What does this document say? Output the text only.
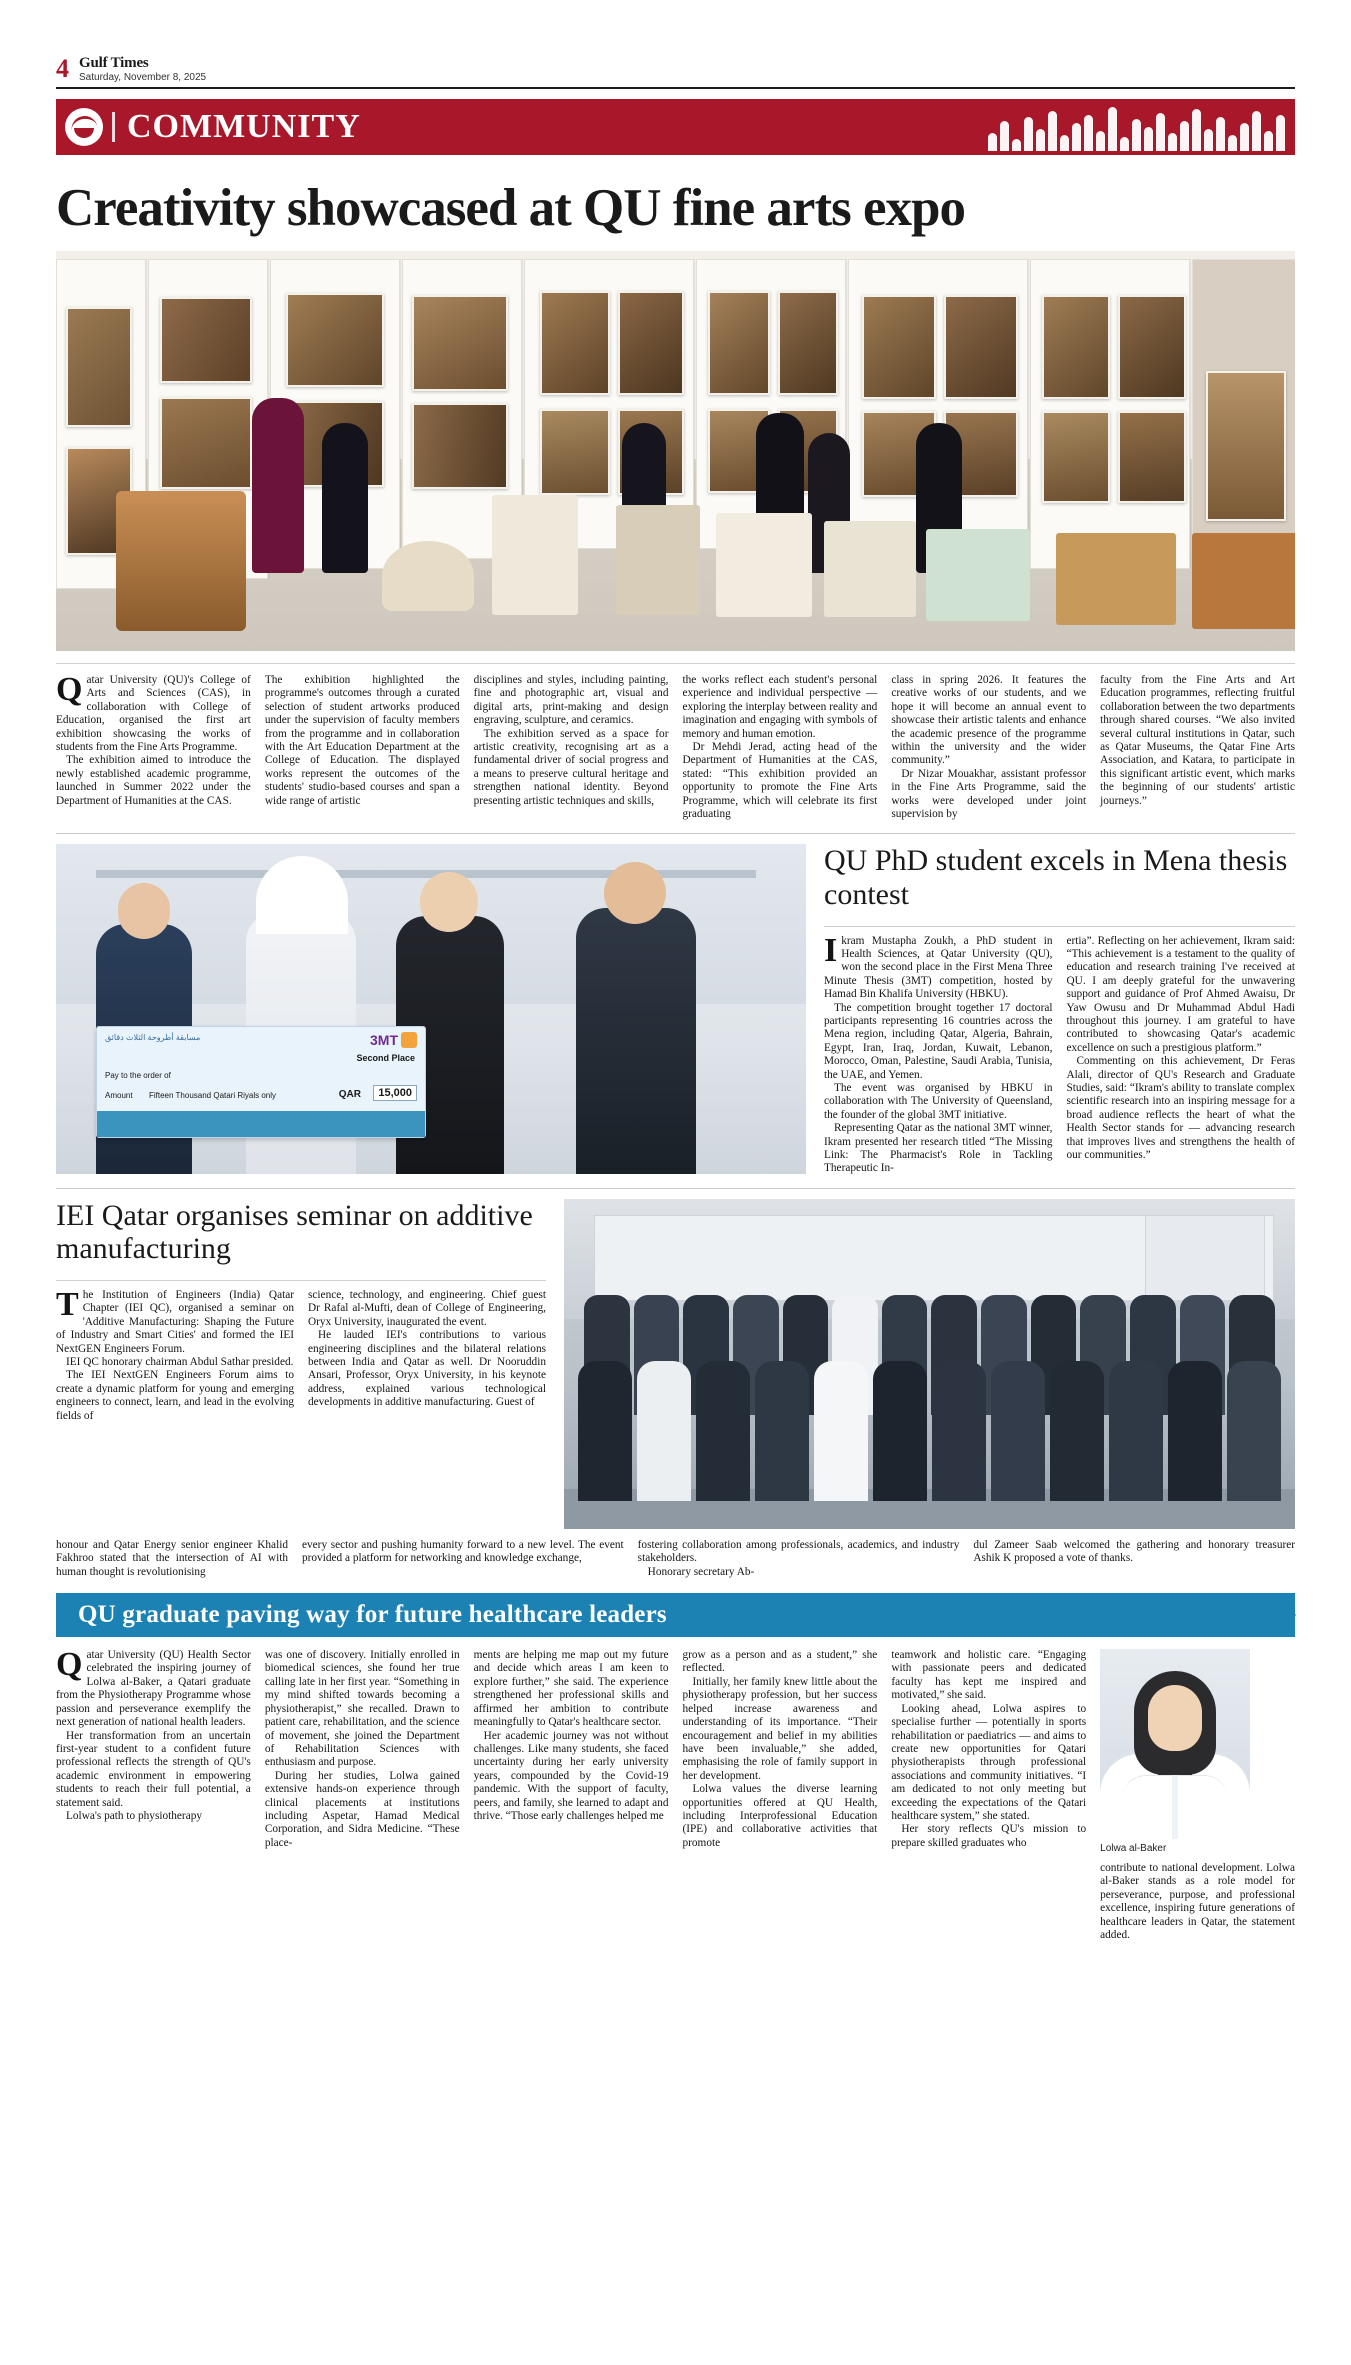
4 Gulf Times
Saturday, November 8, 2025
COMMUNITY
Creativity showcased at QU fine arts expo

Qatar University (QU)'s College of Arts and Sciences (CAS), in collaboration with College of Education, organised the first art exhibition showcasing the works of students from the Fine Arts Programme.

The exhibition aimed to introduce the newly established academic programme, launched in Summer 2022 under the Department of Humanities at the CAS.

The exhibition highlighted the programme's outcomes through a curated selection of student artworks produced under the supervision of faculty members from the programme and in collaboration with the Art Education Department at the College of Education. The displayed works represent the outcomes of the students' studio-based courses and span a wide range of artistic

disciplines and styles, including painting, fine and photographic art, visual and digital arts, print-making and design engraving, sculpture, and ceramics.

The exhibition served as a space for artistic creativity, recognising art as a fundamental driver of social progress and a means to preserve cultural heritage and strengthen national identity. Beyond presenting artistic techniques and skills,

the works reflect each student's personal experience and individual perspective — exploring the interplay between reality and imagination and engaging with symbols of memory and human emotion.

Dr Mehdi Jerad, acting head of the Department of Humanities at the CAS, stated: “This exhibition provided an opportunity to promote the Fine Arts Programme, which will celebrate its first graduating

class in spring 2026. It features the creative works of our students, and we hope it will become an annual event to showcase their artistic talents and enhance the academic presence of the programme within the university and the wider community.”

Dr Nizar Mouakhar, assistant professor in the Fine Arts Programme, said the works were developed under joint supervision by

faculty from the Fine Arts and Art Education programmes, reflecting fruitful collaboration between the two departments through shared courses. “We also invited several cultural institutions in Qatar, such as Qatar Museums, the Qatar Fine Arts Association, and Katara, to participate in this significant artistic event, which marks the beginning of our students' artistic journeys.”

مسابقة أطروحة الثلاث دقائق	3MT
Second Place
Pay to the order of
Amount Fifteen Thousand Qatari Riyals only	QAR	15,000
QU PhD student excels in Mena thesis contest

Ikram Mustapha Zoukh, a PhD student in Health Sciences, at Qatar University (QU), won the second place in the First Mena Three Minute Thesis (3MT) competition, hosted by Hamad Bin Khalifa University (HBKU).

The competition brought together 17 doctoral participants representing 16 countries across the Mena region, including Qatar, Algeria, Bahrain, Egypt, Iran, Iraq, Jordan, Kuwait, Lebanon, Morocco, Oman, Palestine, Saudi Arabia, Tunisia, the UAE, and Yemen.

The event was organised by HBKU in collaboration with The University of Queensland, the founder of the global 3MT initiative.

Representing Qatar as the national 3MT winner, Ikram presented her research titled “The Missing Link: The Pharmacist's Role in Tackling Therapeutic In-

ertia”. Reflecting on her achievement, Ikram said: “This achievement is a testament to the quality of education and research training I've received at QU. I am deeply grateful for the unwavering support and guidance of Prof Ahmed Awaisu, Dr Yaw Owusu and Dr Muhammad Abdul Hadi throughout this journey. I am grateful to have contributed to showcasing Qatar's academic excellence on such a prestigious platform.”

Commenting on this achievement, Dr Feras Alali, director of QU's Research and Graduate Studies, said: “Ikram's ability to translate complex scientific research into an inspiring message for a broad audience reflects the heart of what the Health Sector stands for — advancing research that improves lives and strengthens the health of our communities.”

IEI Qatar organises seminar on additive manufacturing

The Institution of Engineers (India) Qatar Chapter (IEI QC), organised a seminar on 'Additive Manufacturing: Shaping the Future of Industry and Smart Cities' and formed the IEI NextGEN Engineers Forum.

IEI QC honorary chairman Abdul Sathar presided.

The IEI NextGEN Engineers Forum aims to create a dynamic platform for young and emerging engineers to connect, learn, and lead in the evolving fields of

science, technology, and engineering. Chief guest Dr Rafal al-Mufti, dean of College of Engineering, Oryx University, inaugurated the event.

He lauded IEI's contributions to various engineering disciplines and the bilateral relations between India and Qatar as well. Dr Nooruddin Ansari, Professor, Oryx University, in his keynote address, explained various technological developments in additive manufacturing. Guest of

honour and Qatar Energy senior engineer Khalid Fakhroo stated that the intersection of AI with human thought is revolutionising

every sector and pushing humanity forward to a new level. The event provided a platform for networking and knowledge exchange,

fostering collaboration among professionals, academics, and industry stakeholders.

Honorary secretary Ab-

dul Zameer Saab welcomed the gathering and honorary treasurer Ashik K proposed a vote of thanks.

QU graduate paving way for future healthcare leaders

Qatar University (QU) Health Sector celebrated the inspiring journey of Lolwa al-Baker, a Qatari graduate from the Physiotherapy Programme whose passion and perseverance exemplify the next generation of national health leaders.

Her transformation from an uncertain first-year student to a confident future professional reflects the strength of QU's academic environment in empowering students to reach their full potential, a statement said.

Lolwa's path to physiotherapy

was one of discovery. Initially enrolled in biomedical sciences, she found her true calling late in her first year. “Something in my mind shifted towards becoming a physiotherapist,” she recalled. Drawn to patient care, rehabilitation, and the science of movement, she joined the Department of Rehabilitation Sciences with enthusiasm and purpose.

During her studies, Lolwa gained extensive hands-on experience through clinical placements at institutions including Aspetar, Hamad Medical Corporation, and Sidra Medicine. “These place-

ments are helping me map out my future and decide which areas I am keen to explore further,” she said. The experience strengthened her professional skills and affirmed her ambition to contribute meaningfully to Qatar's healthcare sector.

Her academic journey was not without challenges. Like many students, she faced uncertainty during her early university years, compounded by the Covid-19 pandemic. With the support of faculty, peers, and family, she learned to adapt and thrive. “Those early challenges helped me

grow as a person and as a student,” she reflected.

Initially, her family knew little about the physiotherapy profession, but her success helped increase awareness and understanding of its importance. “Their encouragement and belief in my abilities have been invaluable,” she added, emphasising the role of family support in her development.

Lolwa values the diverse learning opportunities offered at QU Health, including Interprofessional Education (IPE) and collaborative activities that promote

teamwork and holistic care. “Engaging with passionate peers and dedicated faculty has kept me inspired and motivated,” she said.

Looking ahead, Lolwa aspires to specialise further — potentially in sports rehabilitation or paediatrics — and aims to create new opportunities for Qatari physiotherapists through professional associations and community initiatives. “I am dedicated to not only meeting but exceeding the expectations of the Qatari healthcare system,” she stated.

Her story reflects QU's mission to prepare skilled graduates who	Lolwa al-Baker

contribute to national development. Lolwa al-Baker stands as a role model for perseverance, purpose, and professional excellence, inspiring future generations of healthcare leaders in Qatar, the statement added.
